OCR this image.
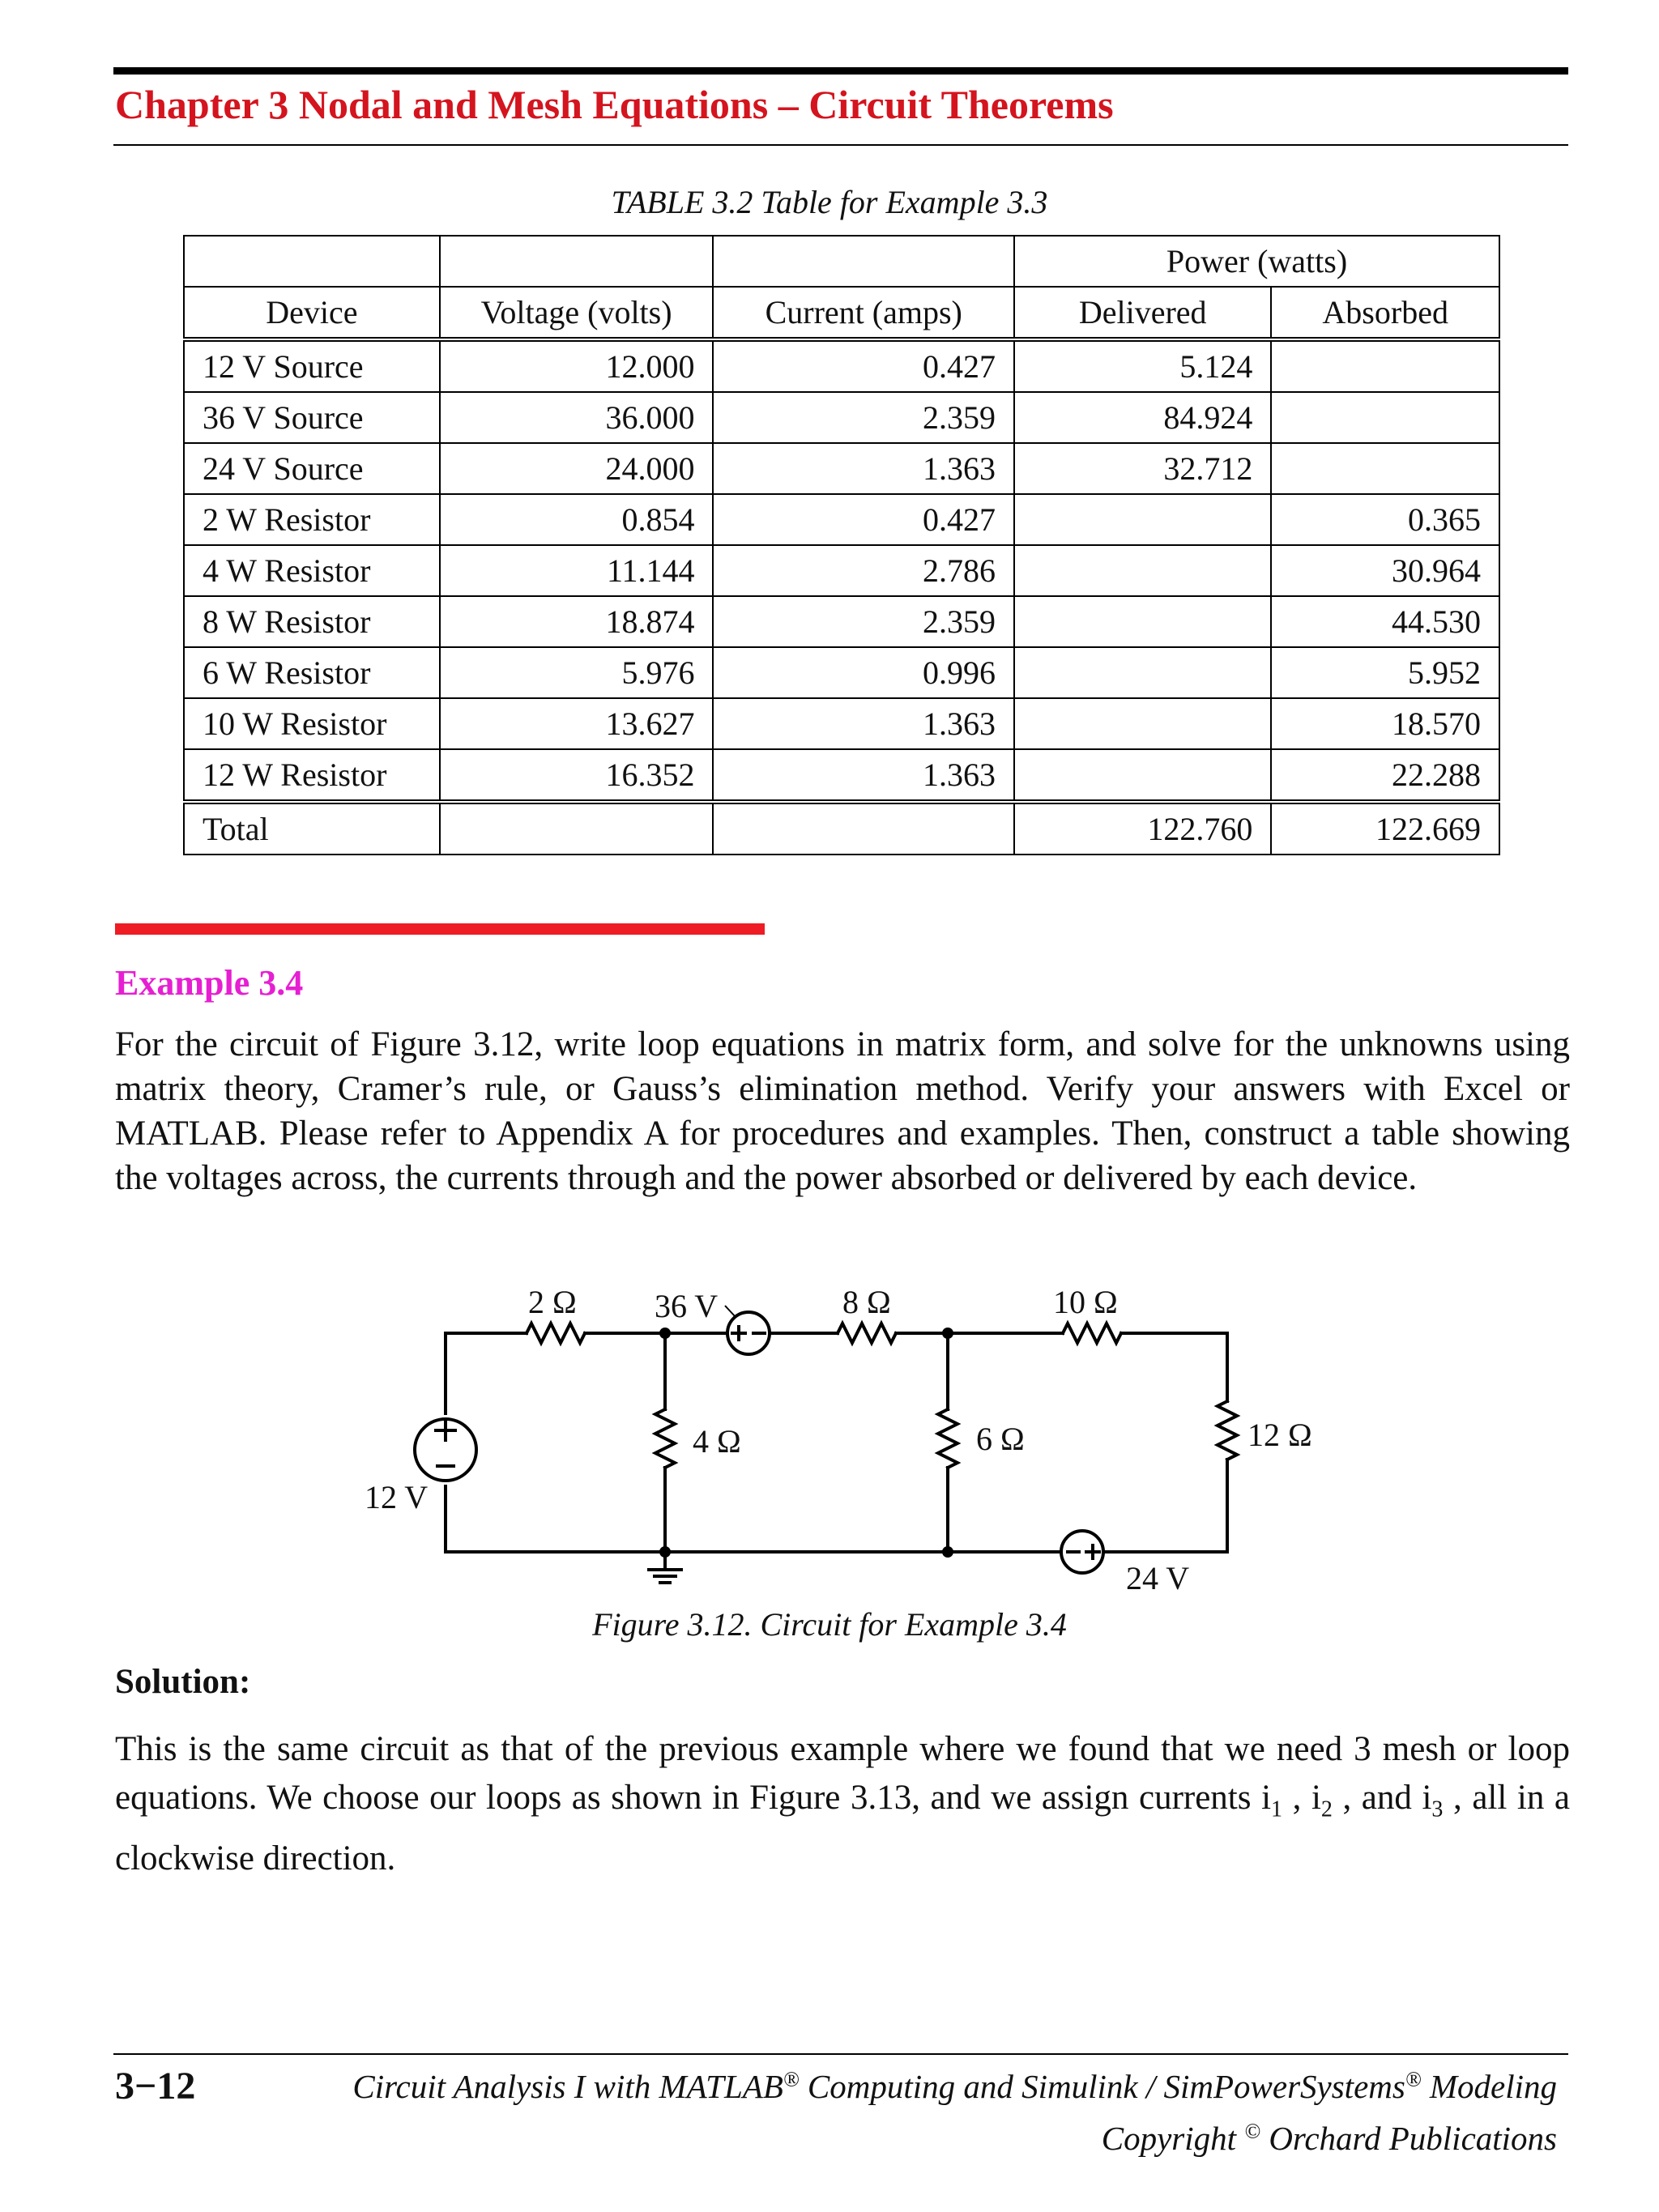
Chapter 3 Nodal and Mesh Equations – Circuit Theorems
TABLE 3.2 Table for Example 3.3
			Power (watts)	
Device	Voltage (volts)	Current (amps)	Delivered	Absorbed
12 V Source	12.000	0.427	5.124	
36 V Source	36.000	2.359	84.924	
24 V Source	24.000	1.363	32.712	
2 W Resistor	0.854	0.427		0.365
4 W Resistor	11.144	2.786		30.964
8 W Resistor	18.874	2.359		44.530
6 W Resistor	5.976	0.996		5.952
10 W Resistor	13.627	1.363		18.570
12 W Resistor	16.352	1.363		22.288
Total			122.760	122.669
Example 3.4
For the circuit of Figure 3.12, write loop equations in matrix form, and solve for the unknowns using matrix theory, Cramer’s rule, or Gauss’s elimination method. Verify your answers with Excel or MATLAB. Please refer to Appendix A for procedures and examples. Then, construct a table showing the voltages across, the currents through and the power absorbed or delivered by each device.
2 Ω 36 V	8 Ω	10 Ω
4 Ω	6 Ω	12 Ω
12 V
24 V
Figure 3.12. Circuit for Example 3.4
Solution:
This is the same circuit as that of the previous example where we found that we need 3 mesh or loop equations. We choose our loops as shown in Figure 3.13, and we assign currents $i_1$ , $i_2$ , and $i_3$ , all in a clockwise direction.
3−12	Circuit Analysis I with MATLAB® Computing and Simulink / SimPowerSystems® Modeling
Copyright © Orchard Publications
